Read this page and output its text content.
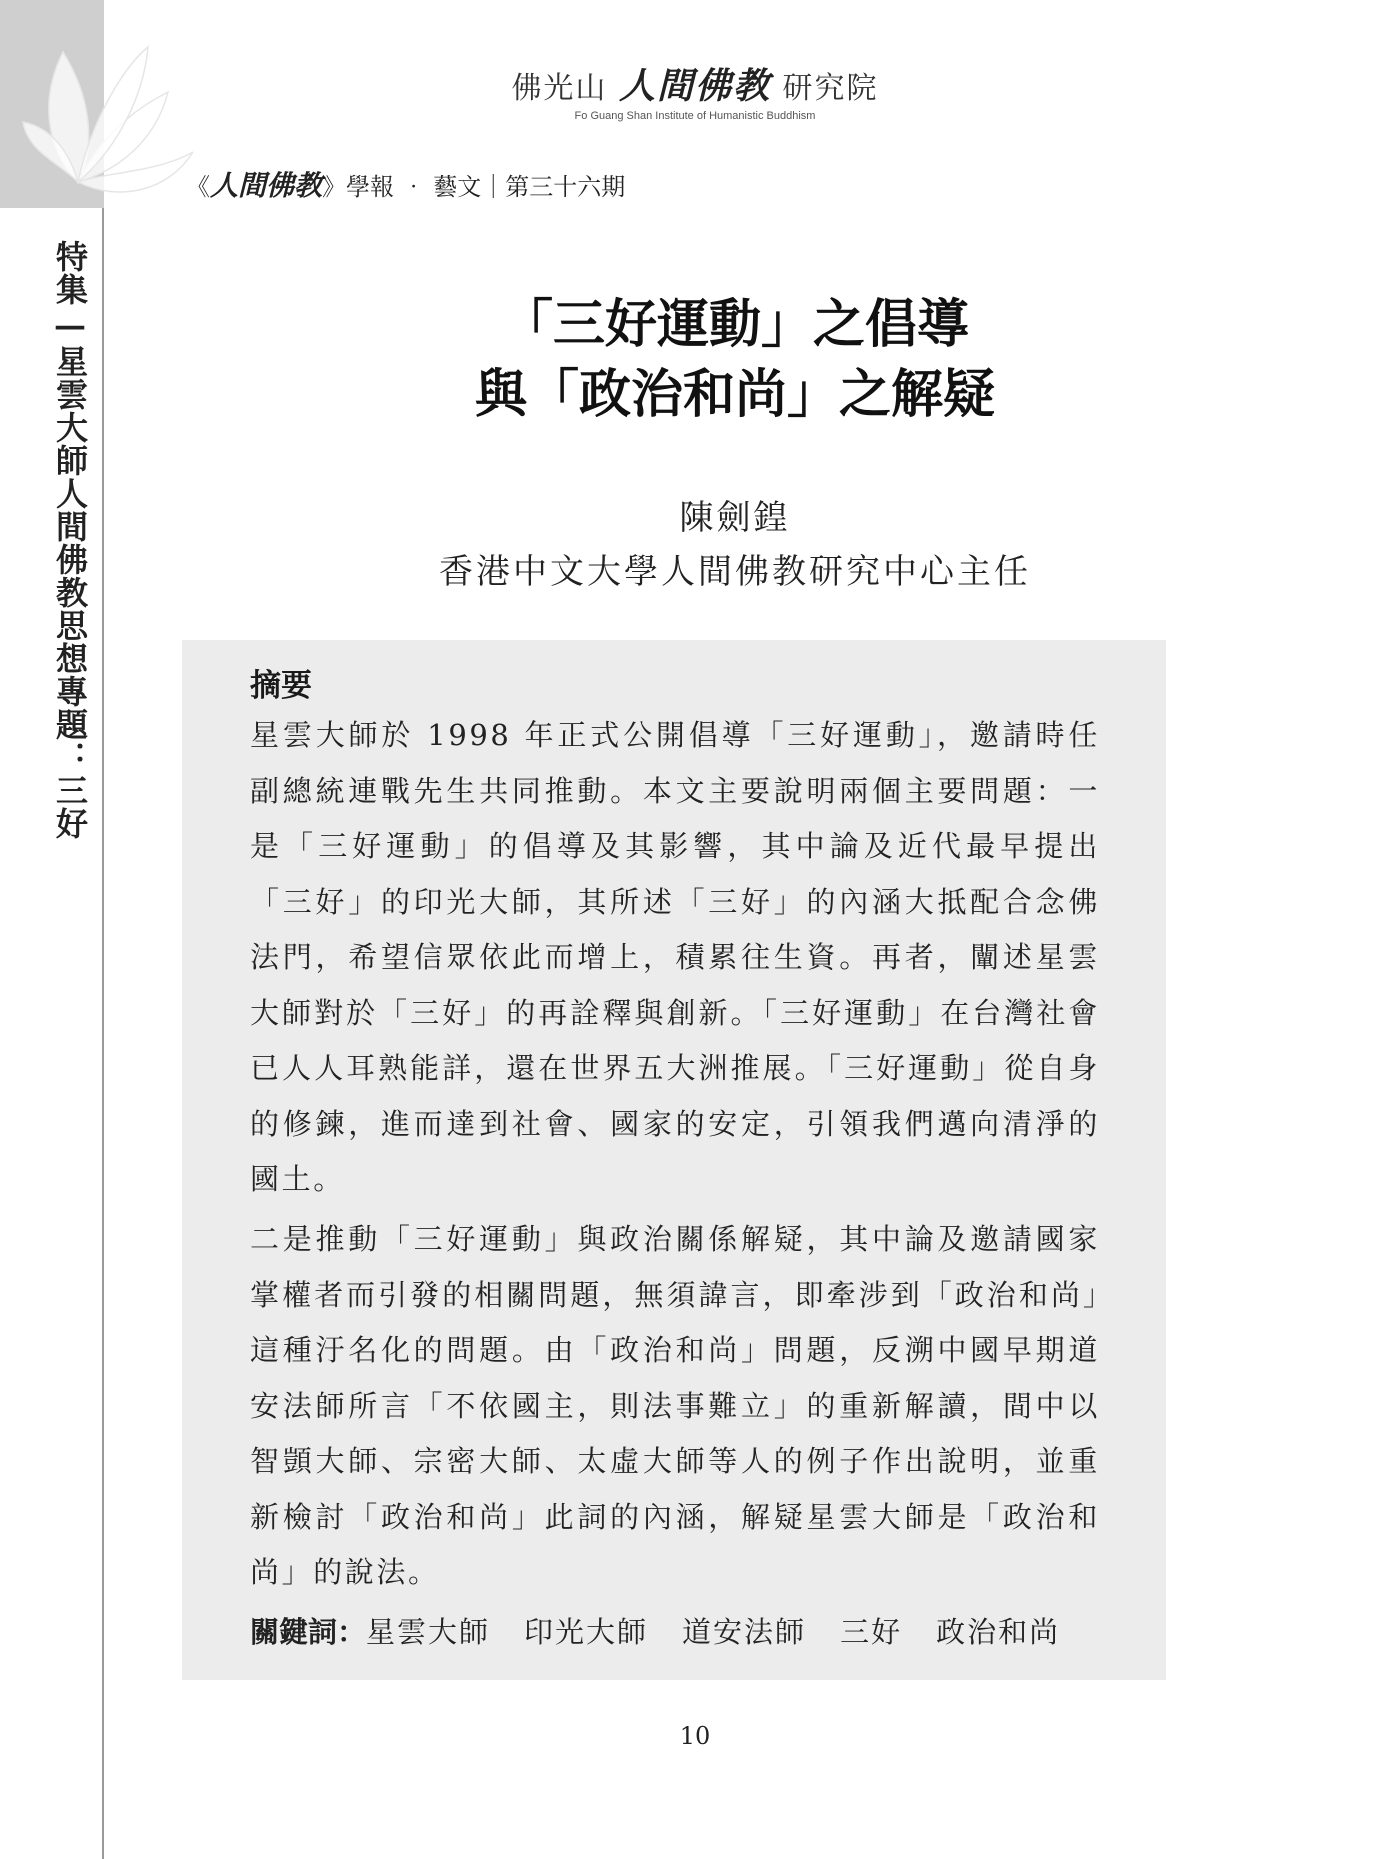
特集—星雲大師人間佛教思想專題：三好
佛光山 人間佛教 研究院
Fo Guang Shan Institute of Humanistic Buddhism
《人間佛教》學報 ‧ 藝文｜第三十六期
「三好運動」之倡導
與「政治和尚」之解疑
陳劍鍠
香港中文大學人間佛教研究中心主任
摘要

星雲大師於 1998 年正式公開倡導「三好運動」，邀請時任副總統連戰先生共同推動。本文主要說明兩個主要問題：一是「三好運動」的倡導及其影響，其中論及近代最早提出「三好」的印光大師，其所述「三好」的內涵大抵配合念佛法門，希望信眾依此而增上，積累往生資。再者，闡述星雲大師對於「三好」的再詮釋與創新。「三好運動」在台灣社會已人人耳熟能詳，還在世界五大洲推展。「三好運動」從自身的修鍊，進而達到社會、國家的安定，引領我們邁向清淨的國土。

二是推動「三好運動」與政治關係解疑，其中論及邀請國家掌權者而引發的相關問題，無須諱言，即牽涉到「政治和尚」這種汙名化的問題。由「政治和尚」問題，反溯中國早期道安法師所言「不依國主，則法事難立」的重新解讀，間中以智顗大師、宗密大師、太虛大師等人的例子作出說明，並重新檢討「政治和尚」此詞的內涵，解疑星雲大師是「政治和尚」的說法。

關鍵詞：星雲大師 印光大師 道安法師 三好 政治和尚
10
